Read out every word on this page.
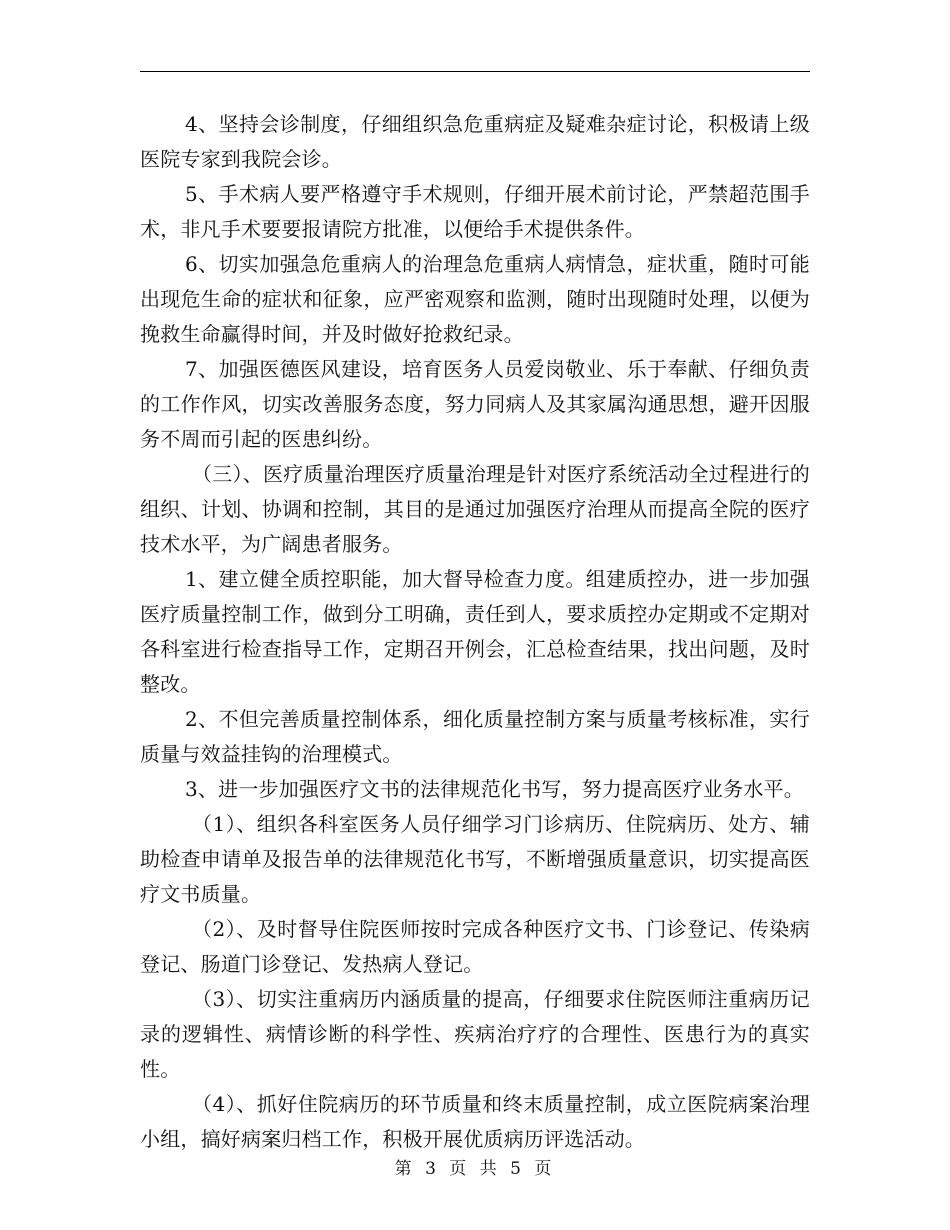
4、坚持会诊制度，仔细组织急危重病症及疑难杂症讨论，积极请上级医院专家到我院会诊。

5、手术病人要严格遵守手术规则，仔细开展术前讨论，严禁超范围手术，非凡手术要要报请院方批准，以便给手术提供条件。

6、切实加强急危重病人的治理急危重病人病情急，症状重，随时可能出现危生命的症状和征象，应严密观察和监测，随时出现随时处理，以便为挽救生命赢得时间，并及时做好抢救纪录。

7、加强医德医风建设，培育医务人员爱岗敬业、乐于奉献、仔细负责的工作作风，切实改善服务态度，努力同病人及其家属沟通思想，避开因服务不周而引起的医患纠纷。

（三）、医疗质量治理医疗质量治理是针对医疗系统活动全过程进行的组织、计划、协调和控制，其目的是通过加强医疗治理从而提高全院的医疗技术水平，为广阔患者服务。

1、建立健全质控职能，加大督导检查力度。组建质控办，进一步加强医疗质量控制工作，做到分工明确，责任到人，要求质控办定期或不定期对各科室进行检查指导工作，定期召开例会，汇总检查结果，找出问题，及时整改。

2、不但完善质量控制体系，细化质量控制方案与质量考核标准，实行质量与效益挂钩的治理模式。

3、进一步加强医疗文书的法律规范化书写，努力提高医疗业务水平。

（1）、组织各科室医务人员仔细学习门诊病历、住院病历、处方、辅助检查申请单及报告单的法律规范化书写，不断增强质量意识，切实提高医疗文书质量。

（2）、及时督导住院医师按时完成各种医疗文书、门诊登记、传染病登记、肠道门诊登记、发热病人登记。

（3）、切实注重病历内涵质量的提高，仔细要求住院医师注重病历记录的逻辑性、病情诊断的科学性、疾病治疗疗的合理性、医患行为的真实性。

（4）、抓好住院病历的环节质量和终末质量控制，成立医院病案治理小组，搞好病案归档工作，积极开展优质病历评选活动。

第 3 页 共 5 页
